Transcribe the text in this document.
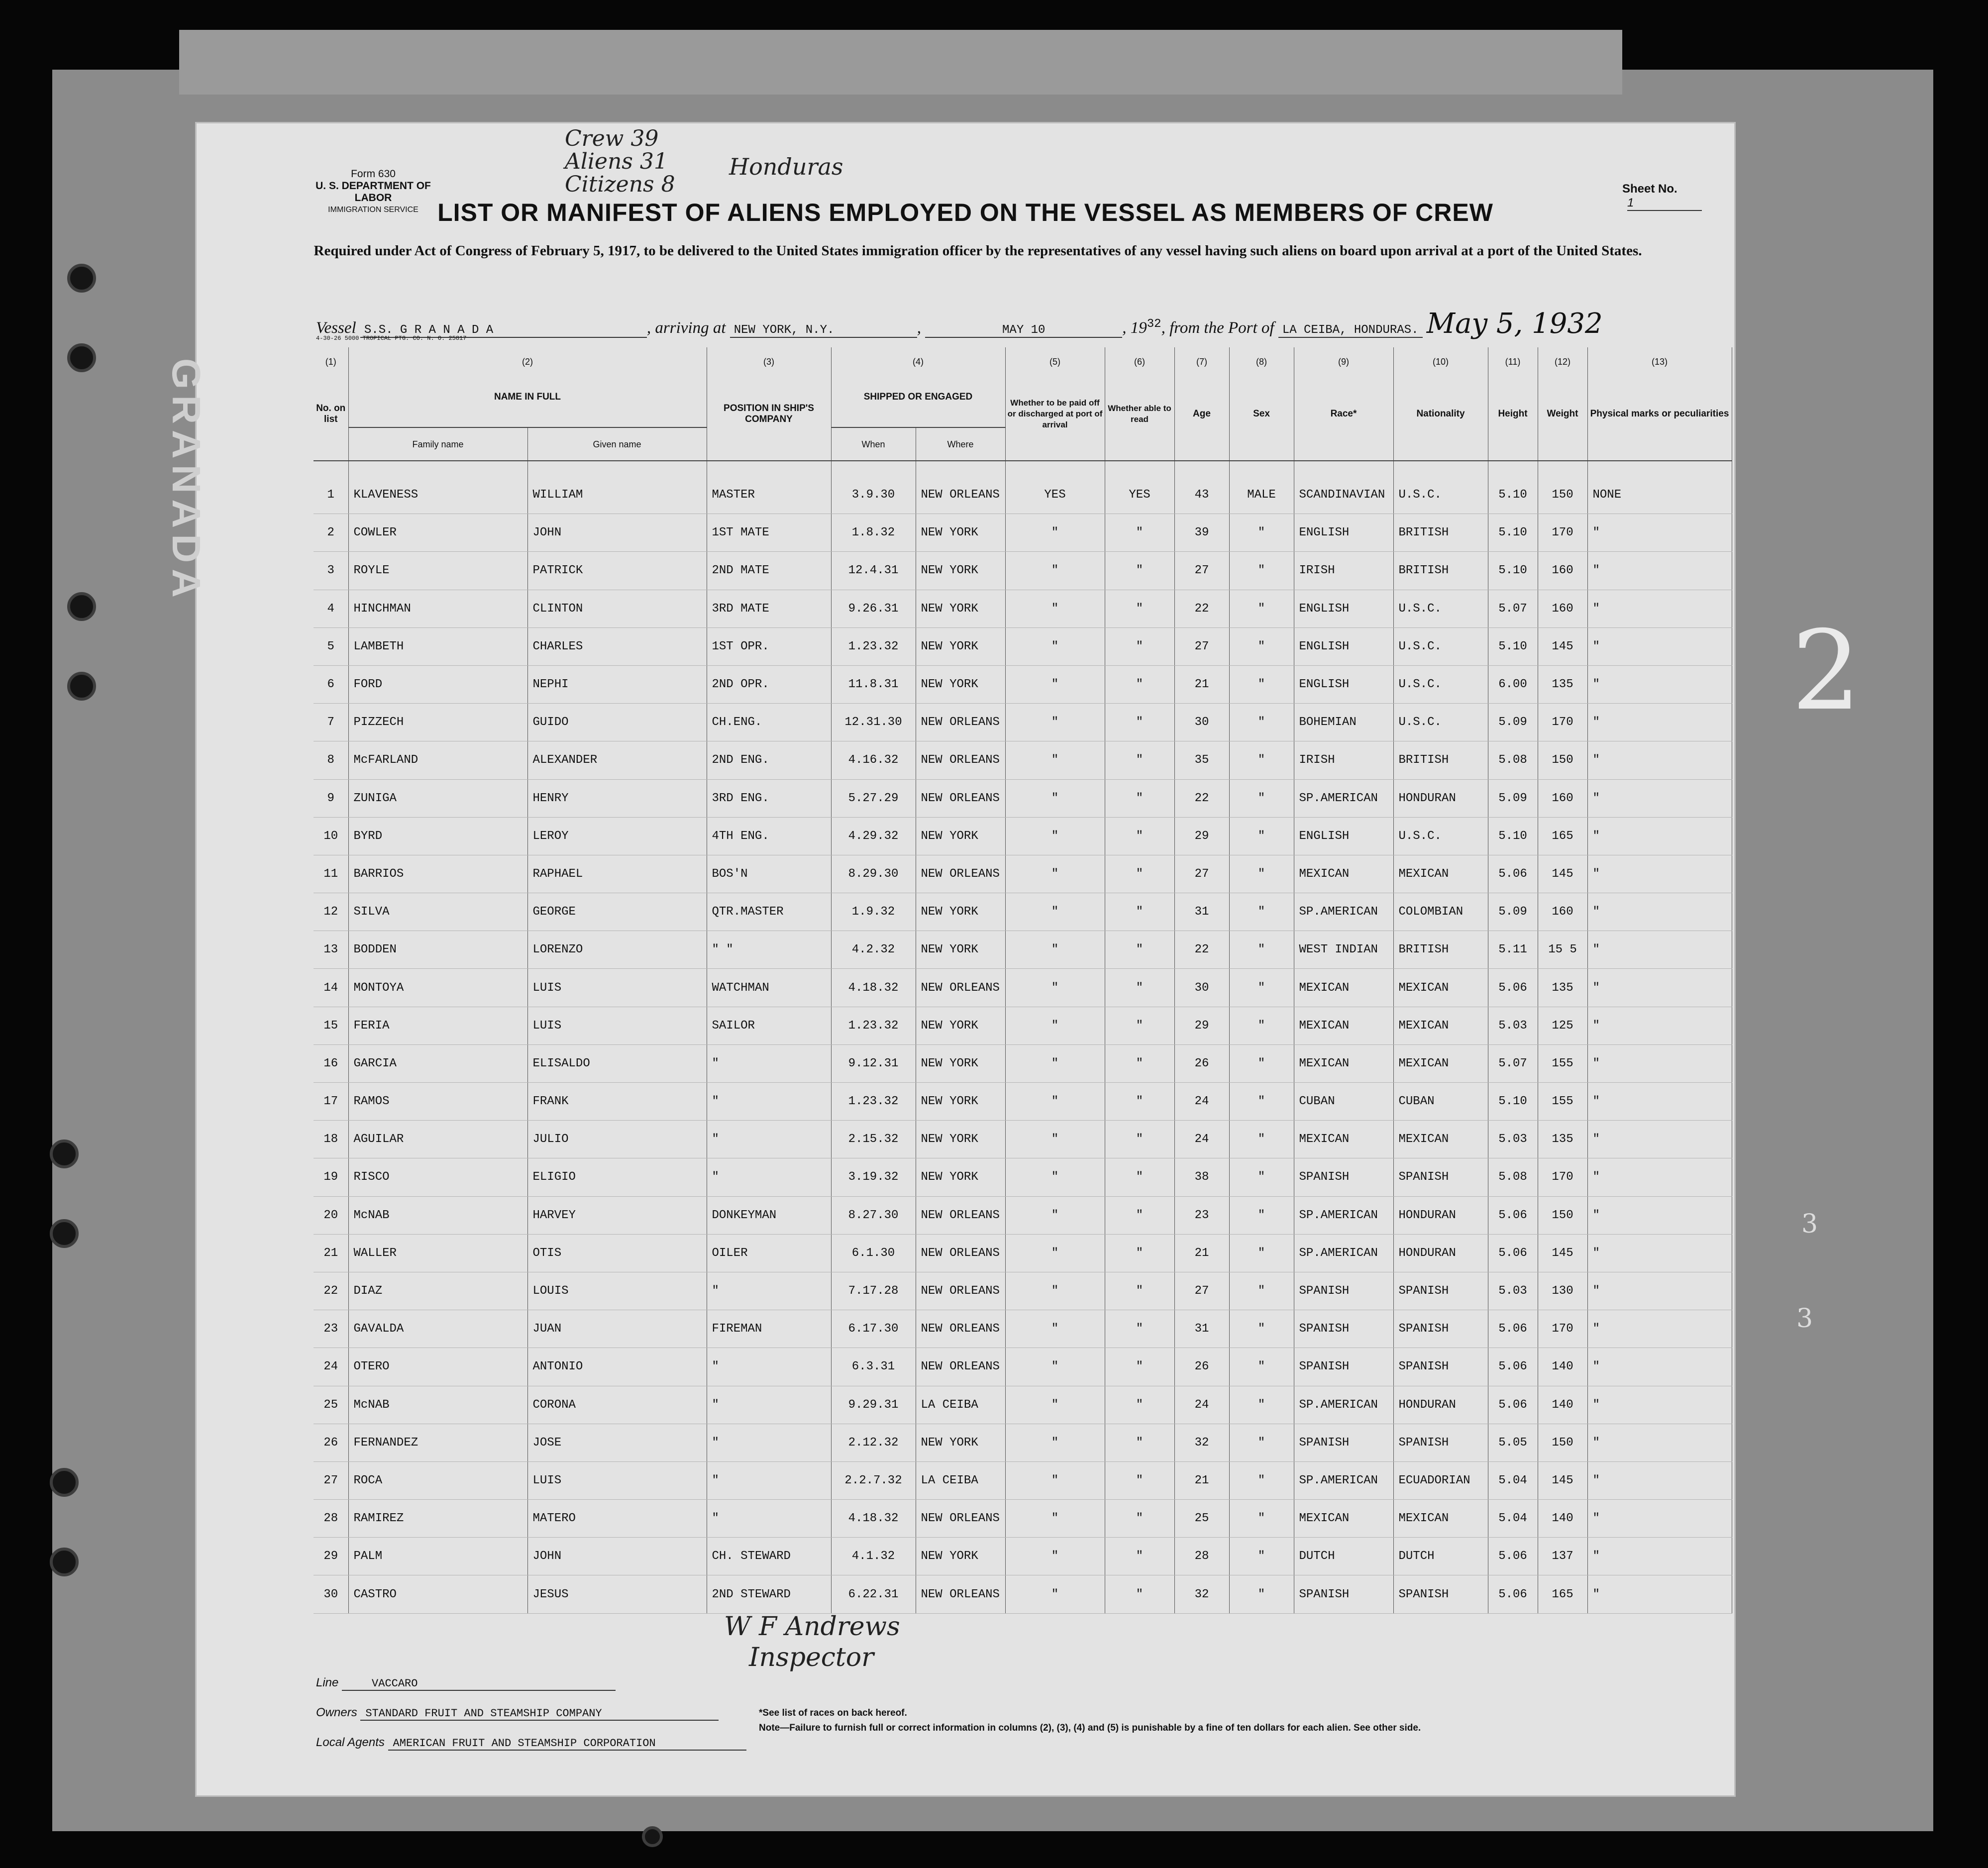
2
3
3
Form 630
U. S. DEPARTMENT OF LABOR
IMMIGRATION SERVICE
Crew 39
Aliens 31
Citizens 8
Honduras
Sheet No.1
LIST OR MANIFEST OF ALIENS EMPLOYED ON THE VESSEL AS MEMBERS OF CREW
Required under Act of Congress of February 5, 1917, to be delivered to the United States immigration officer by the representatives of any vessel having such aliens on board upon arrival at a port of the United States.
Vessel S.S. G R A N A D A	, arriving at NEW YORK, N.Y.	,	MAY 10	, 1932, from the Port of LA CEIBA, HONDURAS. May 5, 1932
4-30-26 5000 TROPICAL PTG. CO. N. O. 25817
(1)	(2)		(3)	(4)		(5)	(6)	(7)	(8)	(9)	(10)	(11)	(12)	(13)
No. on list	NAME IN FULL		POSITION IN SHIP'S COMPANY	SHIPPED OR ENGAGED		Whether to be paid off or discharged at port of arrival	Whether able to read	Age	Sex	Race*	Nationality	Height	Weight	Physical marks or peculiarities
	Family name	Given name		When	Where									
1	KLAVENESS	WILLIAM	MASTER	3.9.30	NEW ORLEANS	YES	YES	43	MALE	SCANDINAVIAN	U.S.C.	5.10	150	NONE
2	COWLER	JOHN	1ST MATE	1.8.32	NEW YORK	"	"	39	"	ENGLISH	BRITISH	5.10	170	"
3	ROYLE	PATRICK	2ND MATE	12.4.31	NEW YORK	"	"	27	"	IRISH	BRITISH	5.10	160	"
4	HINCHMAN	CLINTON	3RD MATE	9.26.31	NEW YORK	"	"	22	"	ENGLISH	U.S.C.	5.07	160	"
5	LAMBETH	CHARLES	1ST OPR.	1.23.32	NEW YORK	"	"	27	"	ENGLISH	U.S.C.	5.10	145	"
6	FORD	NEPHI	2ND OPR.	11.8.31	NEW YORK	"	"	21	"	ENGLISH	U.S.C.	6.00	135	"
7	PIZZECH	GUIDO	CH.ENG.	12.31.30	NEW ORLEANS	"	"	30	"	BOHEMIAN	U.S.C.	5.09	170	"
8	McFARLAND	ALEXANDER	2ND ENG.	4.16.32	NEW ORLEANS	"	"	35	"	IRISH	BRITISH	5.08	150	"
9	ZUNIGA	HENRY	3RD ENG.	5.27.29	NEW ORLEANS	"	"	22	"	SP.AMERICAN	HONDURAN	5.09	160	"
10	BYRD	LEROY	4TH ENG.	4.29.32	NEW YORK	"	"	29	"	ENGLISH	U.S.C.	5.10	165	"
11	BARRIOS	RAPHAEL	BOS'N	8.29.30	NEW ORLEANS	"	"	27	"	MEXICAN	MEXICAN	5.06	145	"
12	SILVA	GEORGE	QTR.MASTER	1.9.32	NEW YORK	"	"	31	"	SP.AMERICAN	COLOMBIAN	5.09	160	"
13	BODDEN	LORENZO	" "	4.2.32	NEW YORK	"	"	22	"	WEST INDIAN	BRITISH	5.11	15 5	"
14	MONTOYA	LUIS	WATCHMAN	4.18.32	NEW ORLEANS	"	"	30	"	MEXICAN	MEXICAN	5.06	135	"
15	FERIA	LUIS	SAILOR	1.23.32	NEW YORK	"	"	29	"	MEXICAN	MEXICAN	5.03	125	"
16	GARCIA	ELISALDO	"	9.12.31	NEW YORK	"	"	26	"	MEXICAN	MEXICAN	5.07	155	"
17	RAMOS	FRANK	"	1.23.32	NEW YORK	"	"	24	"	CUBAN	CUBAN	5.10	155	"
18	AGUILAR	JULIO	"	2.15.32	NEW YORK	"	"	24	"	MEXICAN	MEXICAN	5.03	135	"
19	RISCO	ELIGIO	"	3.19.32	NEW YORK	"	"	38	"	SPANISH	SPANISH	5.08	170	"
20	McNAB	HARVEY	DONKEYMAN	8.27.30	NEW ORLEANS	"	"	23	"	SP.AMERICAN	HONDURAN	5.06	150	"
21	WALLER	OTIS	OILER	6.1.30	NEW ORLEANS	"	"	21	"	SP.AMERICAN	HONDURAN	5.06	145	"
22	DIAZ	LOUIS	"	7.17.28	NEW ORLEANS	"	"	27	"	SPANISH	SPANISH	5.03	130	"
23	GAVALDA	JUAN	FIREMAN	6.17.30	NEW ORLEANS	"	"	31	"	SPANISH	SPANISH	5.06	170	"
24	OTERO	ANTONIO	"	6.3.31	NEW ORLEANS	"	"	26	"	SPANISH	SPANISH	5.06	140	"
25	McNAB	CORONA	"	9.29.31	LA CEIBA	"	"	24	"	SP.AMERICAN	HONDURAN	5.06	140	"
26	FERNANDEZ	JOSE	"	2.12.32	NEW YORK	"	"	32	"	SPANISH	SPANISH	5.05	150	"
27	ROCA	LUIS	"	2.2.7.32	LA CEIBA	"	"	21	"	SP.AMERICAN	ECUADORIAN	5.04	145	"
28	RAMIREZ	MATERO	"	4.18.32	NEW ORLEANS	"	"	25	"	MEXICAN	MEXICAN	5.04	140	"
29	PALM	JOHN	CH. STEWARD	4.1.32	NEW YORK	"	"	28	"	DUTCH	DUTCH	5.06	137	"
30	CASTRO	JESUS	2ND STEWARD	6.22.31	NEW ORLEANS	"	"	32	"	SPANISH	SPANISH	5.06	165	"
W F Andrews
Inspector
Line	VACCARO
Owners STANDARD FRUIT AND STEAMSHIP COMPANY
Local Agents AMERICAN FRUIT AND STEAMSHIP CORPORATION
*See list of races on back hereof.
Note—Failure to furnish full or correct information in columns (2), (3), (4) and (5) is punishable by a fine of ten dollars for each alien. See other side.
GRANADA
